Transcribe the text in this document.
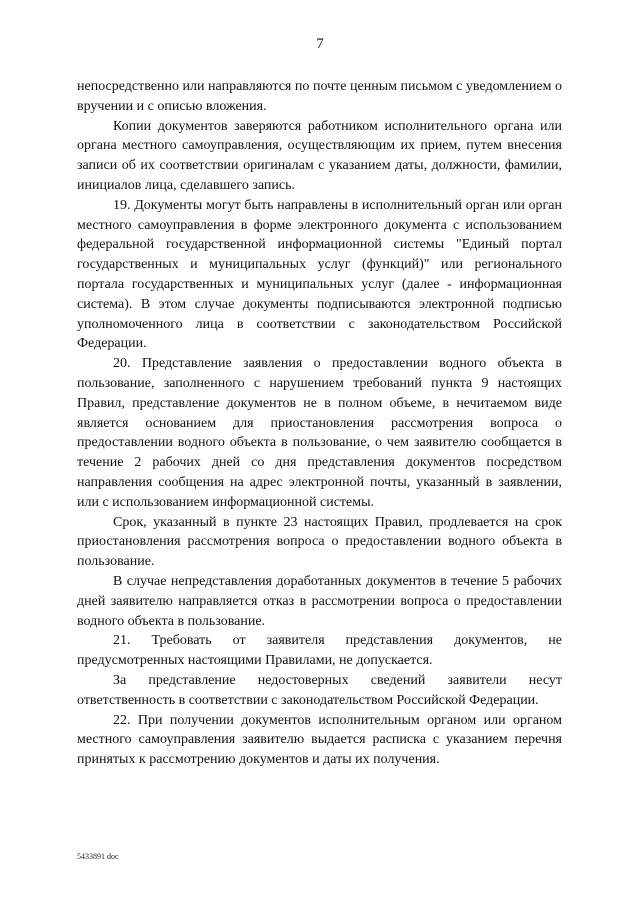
7

непосредственно или направляются по почте ценным письмом с уведомлением о вручении и с описью вложения.

Копии документов заверяются работником исполнительного органа или органа местного самоуправления, осуществляющим их прием, путем внесения записи об их соответствии оригиналам с указанием даты, должности, фамилии, инициалов лица, сделавшего запись.

19. Документы могут быть направлены в исполнительный орган или орган местного самоуправления в форме электронного документа с использованием федеральной государственной информационной системы "Единый портал государственных и муниципальных услуг (функций)" или регионального портала государственных и муниципальных услуг (далее - информационная система). В этом случае документы подписываются электронной подписью уполномоченного лица в соответствии с законодательством Российской Федерации.

20. Представление заявления о предоставлении водного объекта в пользование, заполненного с нарушением требований пункта 9 настоящих Правил, представление документов не в полном объеме, в нечитаемом виде является основанием для приостановления рассмотрения вопроса о предоставлении водного объекта в пользование, о чем заявителю сообщается в течение 2 рабочих дней со дня представления документов посредством направления сообщения на адрес электронной почты, указанный в заявлении, или с использованием информационной системы.

Срок, указанный в пункте 23 настоящих Правил, продлевается на срок приостановления рассмотрения вопроса о предоставлении водного объекта в пользование.

В случае непредставления доработанных документов в течение 5 рабочих дней заявителю направляется отказ в рассмотрении вопроса о предоставлении водного объекта в пользование.

21. Требовать от заявителя представления документов, не предусмотренных настоящими Правилами, не допускается.

За представление недостоверных сведений заявители несут ответственность в соответствии с законодательством Российской Федерации.

22. При получении документов исполнительным органом или органом местного самоуправления заявителю выдается расписка с указанием перечня принятых к рассмотрению документов и даты их получения.

5433891 doc
